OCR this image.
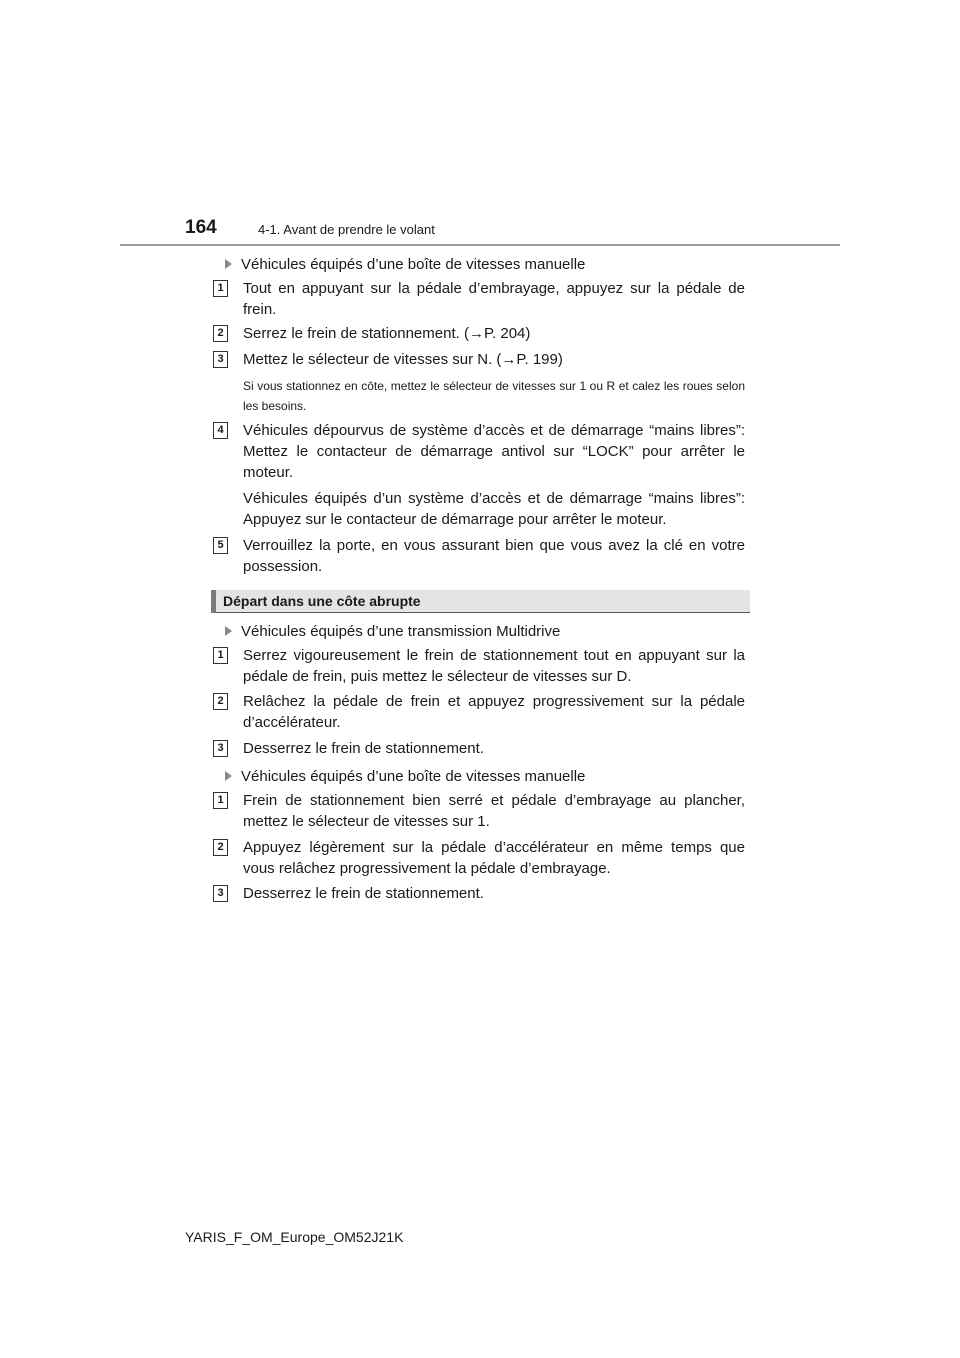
164	4-1. Avant de prendre le volant
Véhicules équipés d’une boîte de vitesses manuelle
1 Tout en appuyant sur la pédale d’embrayage, appuyez sur la pédale de frein.
2 Serrez le frein de stationnement. (→P. 204)
3 Mettez le sélecteur de vitesses sur N. (→P. 199)
Si vous stationnez en côte, mettez le sélecteur de vitesses sur 1 ou R et calez les roues selon les besoins.
4 Véhicules dépourvus de système d’accès et de démarrage “mains libres”: Mettez le contacteur de démarrage antivol sur “LOCK” pour arrêter le moteur.
Véhicules équipés d’un système d’accès et de démarrage “mains libres”: Appuyez sur le contacteur de démarrage pour arrêter le moteur.
5 Verrouillez la porte, en vous assurant bien que vous avez la clé en votre possession.
Départ dans une côte abrupte
Véhicules équipés d’une transmission Multidrive
1 Serrez vigoureusement le frein de stationnement tout en appuyant sur la pédale de frein, puis mettez le sélecteur de vitesses sur D.
2 Relâchez la pédale de frein et appuyez progressivement sur la pédale d’accélérateur.
3 Desserrez le frein de stationnement.
Véhicules équipés d’une boîte de vitesses manuelle
1 Frein de stationnement bien serré et pédale d’embrayage au plancher, mettez le sélecteur de vitesses sur 1.
2 Appuyez légèrement sur la pédale d’accélérateur en même temps que vous relâchez progressivement la pédale d’embrayage.
3 Desserrez le frein de stationnement.
YARIS_F_OM_Europe_OM52J21K
